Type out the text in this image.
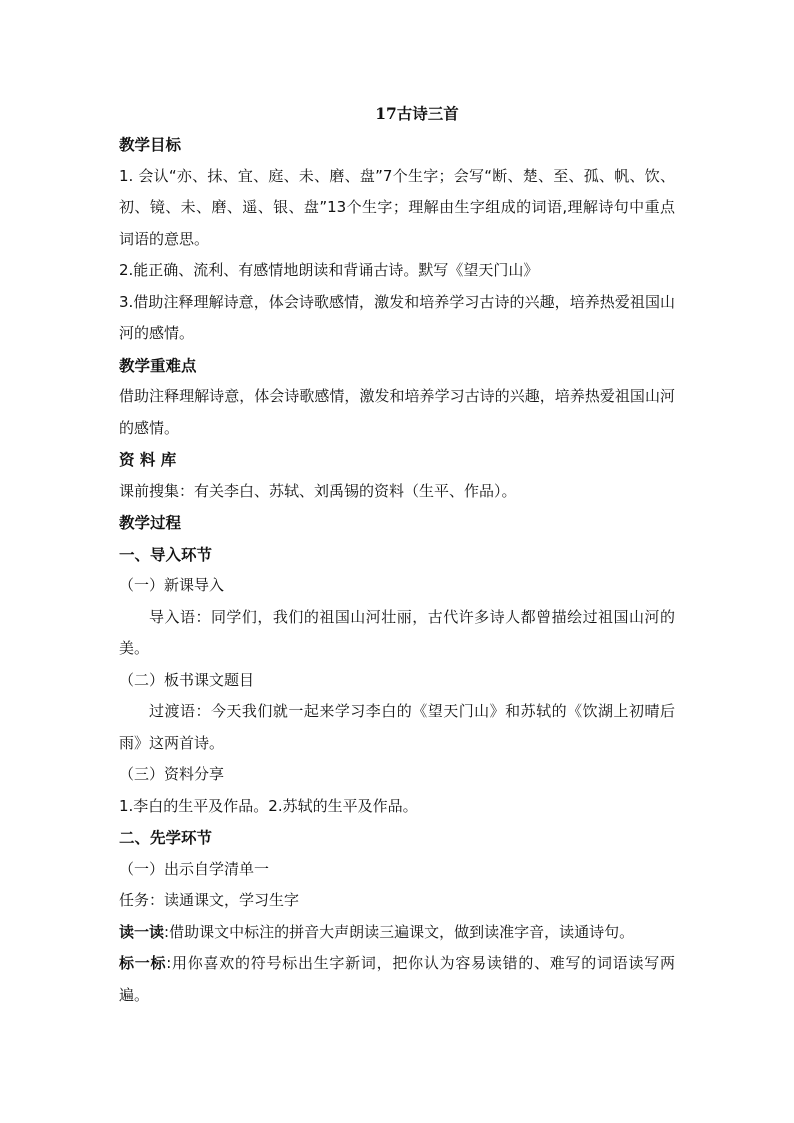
17古诗三首
教学目标

1. 会认“亦、抹、宜、庭、未、磨、盘”7个生字；会写“断、楚、至、孤、帆、饮、初、镜、未、磨、遥、银、盘”13个生字；理解由生字组成的词语,理解诗句中重点词语的意思。

2.能正确、流利、有感情地朗读和背诵古诗。默写《望天门山》

3.借助注释理解诗意，体会诗歌感情，激发和培养学习古诗的兴趣，培养热爱祖国山河的感情。

教学重难点

借助注释理解诗意，体会诗歌感情，激发和培养学习古诗的兴趣，培养热爱祖国山河的感情。

资 料 库

课前搜集：有关李白、苏轼、刘禹锡的资料（生平、作品）。

教学过程
一、导入环节

（一）新课导入

导入语：同学们，我们的祖国山河壮丽，古代许多诗人都曾描绘过祖国山河的美。

（二）板书课文题目

过渡语：今天我们就一起来学习李白的《望天门山》和苏轼的《饮湖上初晴后雨》这两首诗。

（三）资料分享

1.李白的生平及作品。2.苏轼的生平及作品。

二、先学环节

（一）出示自学清单一

任务：读通课文，学习生字

读一读:借助课文中标注的拼音大声朗读三遍课文，做到读准字音，读通诗句。

标一标:用你喜欢的符号标出生字新词，把你认为容易读错的、难写的词语读写两遍。
